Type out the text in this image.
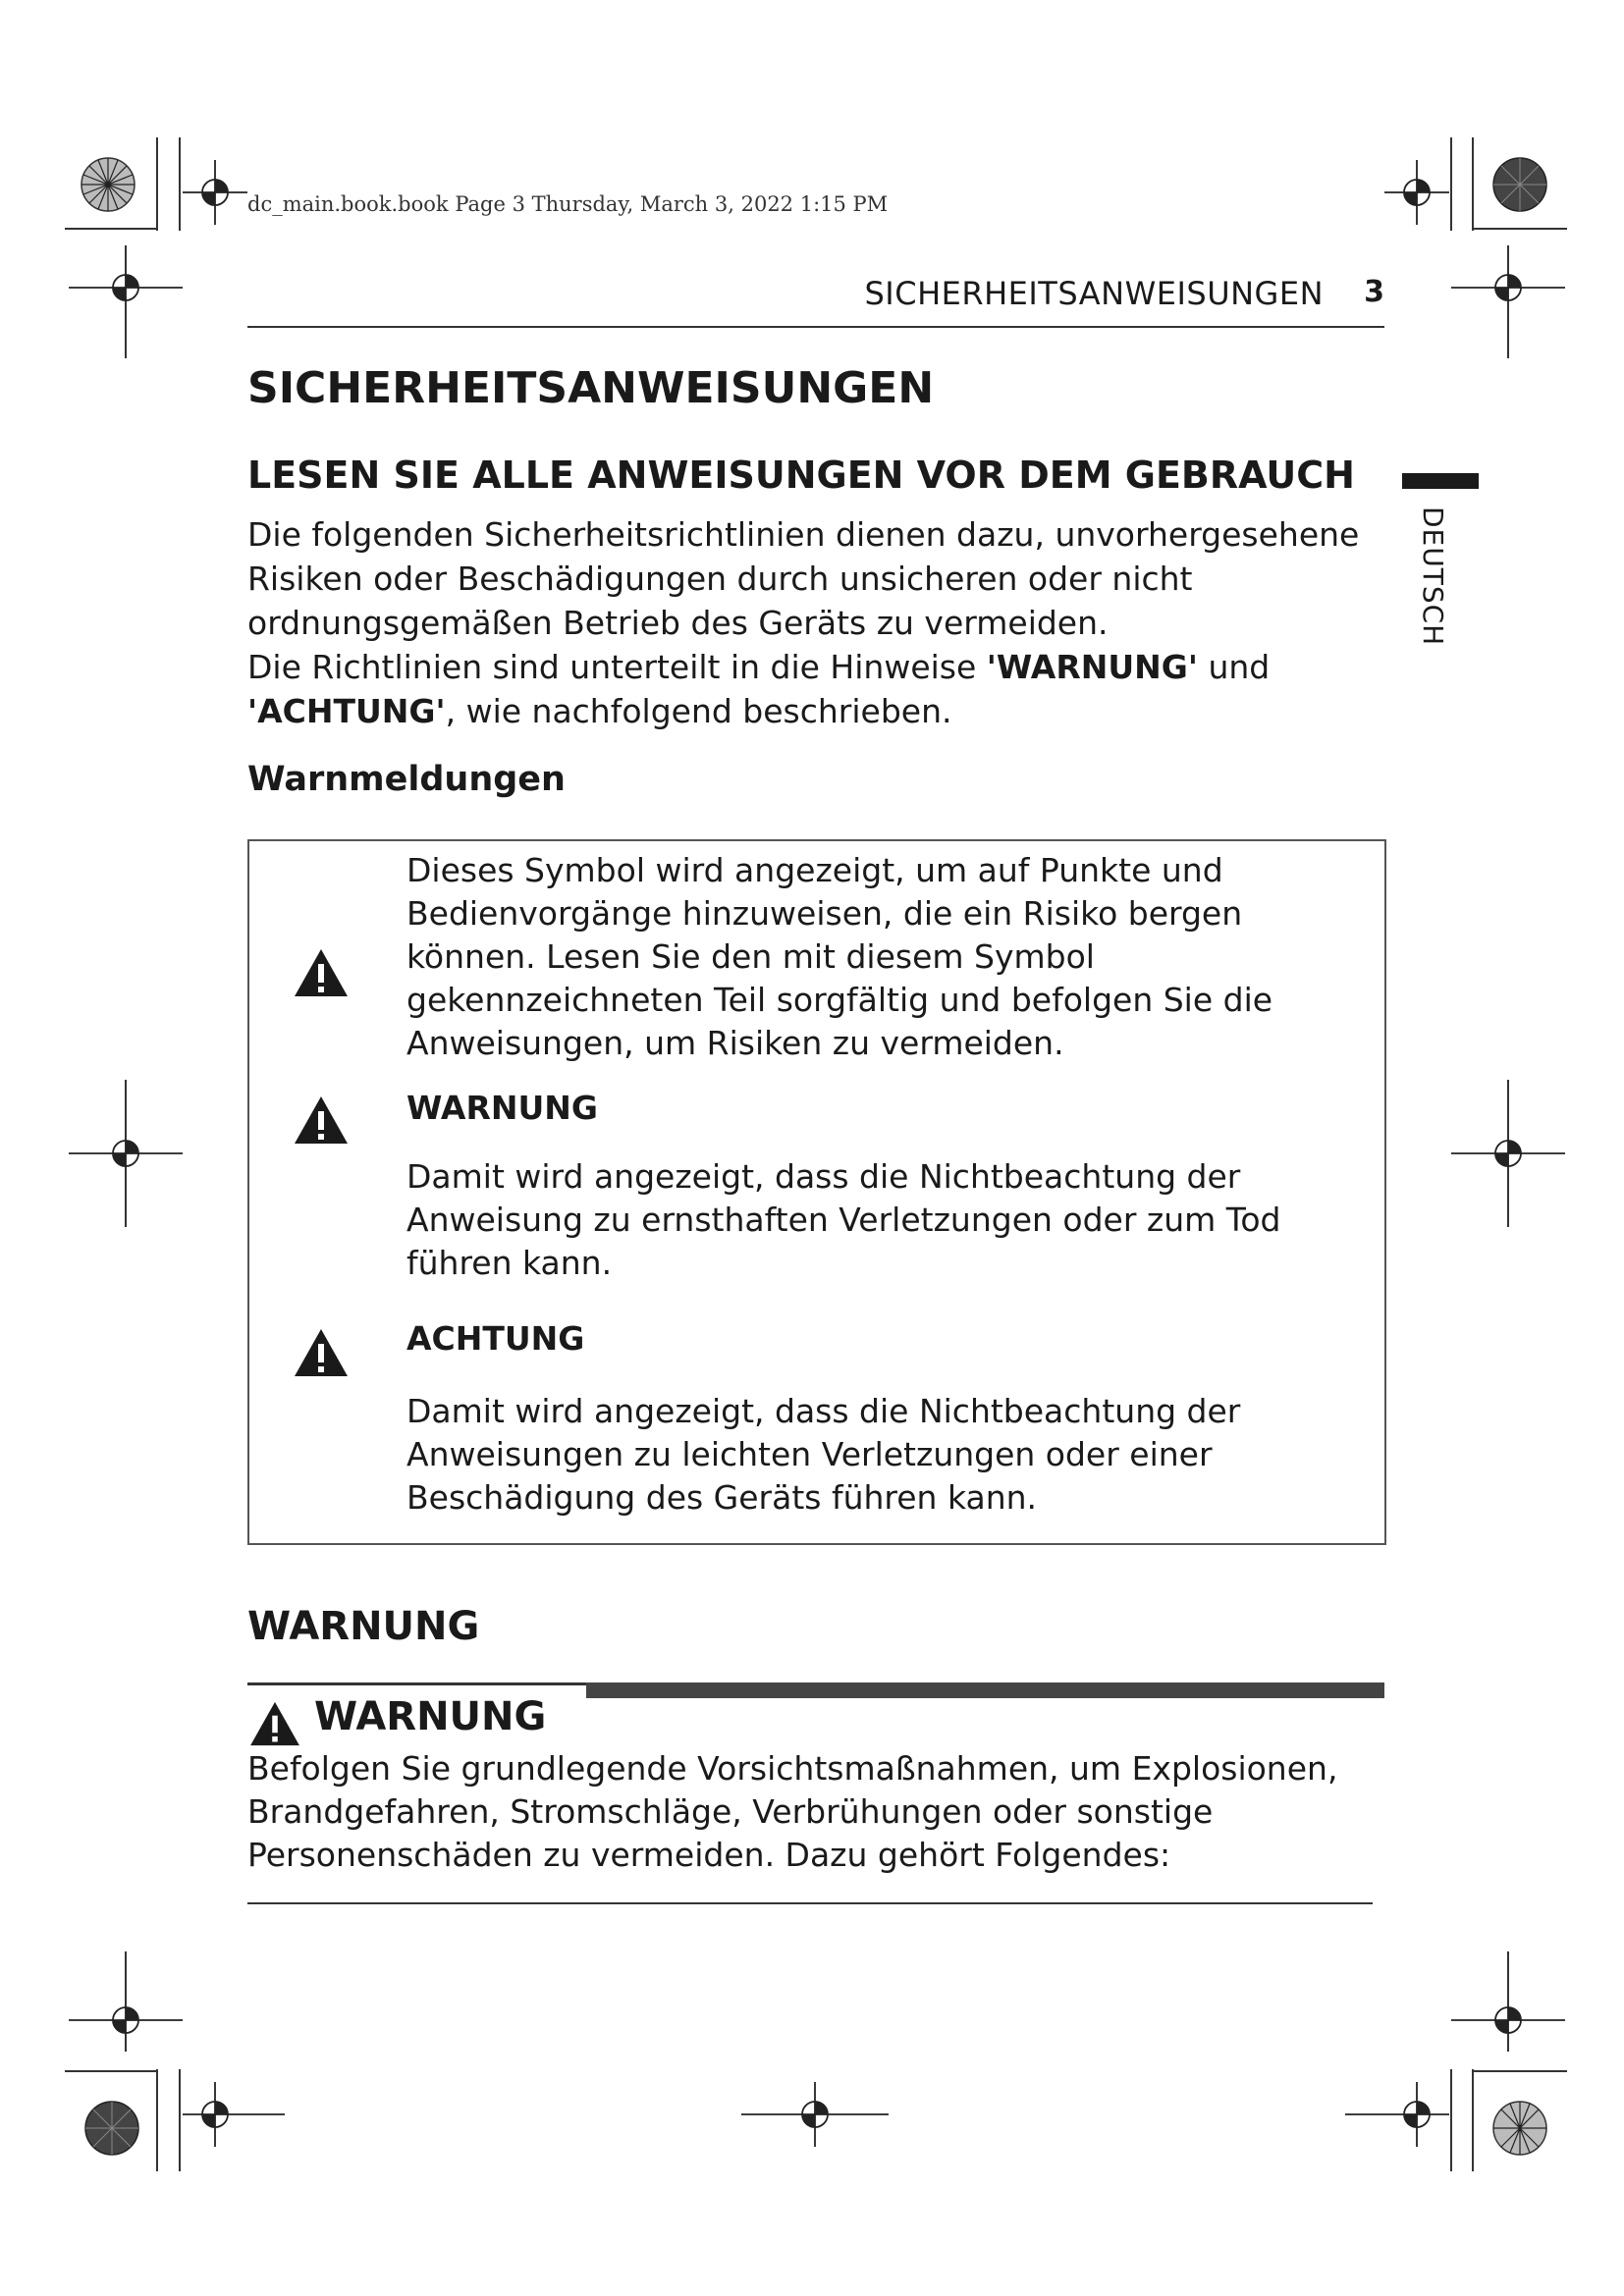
dc_main.book.book Page 3 Thursday, March 3, 2022 1:15 PM
SICHERHEITSANWEISUNGEN 3
DEUTSCH
SICHERHEITSANWEISUNGEN
LESEN SIE ALLE ANWEISUNGEN VOR DEM GEBRAUCH

Die folgenden Sicherheitsrichtlinien dienen dazu, unvorhergesehene Risiken oder Beschädigungen durch unsicheren oder nicht ordnungsgemäßen Betrieb des Geräts zu vermeiden.

Die Richtlinien sind unterteilt in die Hinweise 'WARNUNG' und 'ACHTUNG', wie nachfolgend beschrieben.

Warnmeldungen
Dieses Symbol wird angezeigt, um auf Punkte und Bedienvorgänge hinzuweisen, die ein Risiko bergen können. Lesen Sie den mit diesem Symbol gekennzeichneten Teil sorgfältig und befolgen Sie die Anweisungen, um Risiken zu vermeiden.
WARNUNG
Damit wird angezeigt, dass die Nichtbeachtung der Anweisung zu ernsthaften Verletzungen oder zum Tod führen kann.
ACHTUNG
Damit wird angezeigt, dass die Nichtbeachtung der Anweisungen zu leichten Verletzungen oder einer Beschädigung des Geräts führen kann.
WARNUNG
WARNUNG
Befolgen Sie grundlegende Vorsichtsmaßnahmen, um Explosionen, Brandgefahren, Stromschläge, Verbrühungen oder sonstige Personenschäden zu vermeiden. Dazu gehört Folgendes:
